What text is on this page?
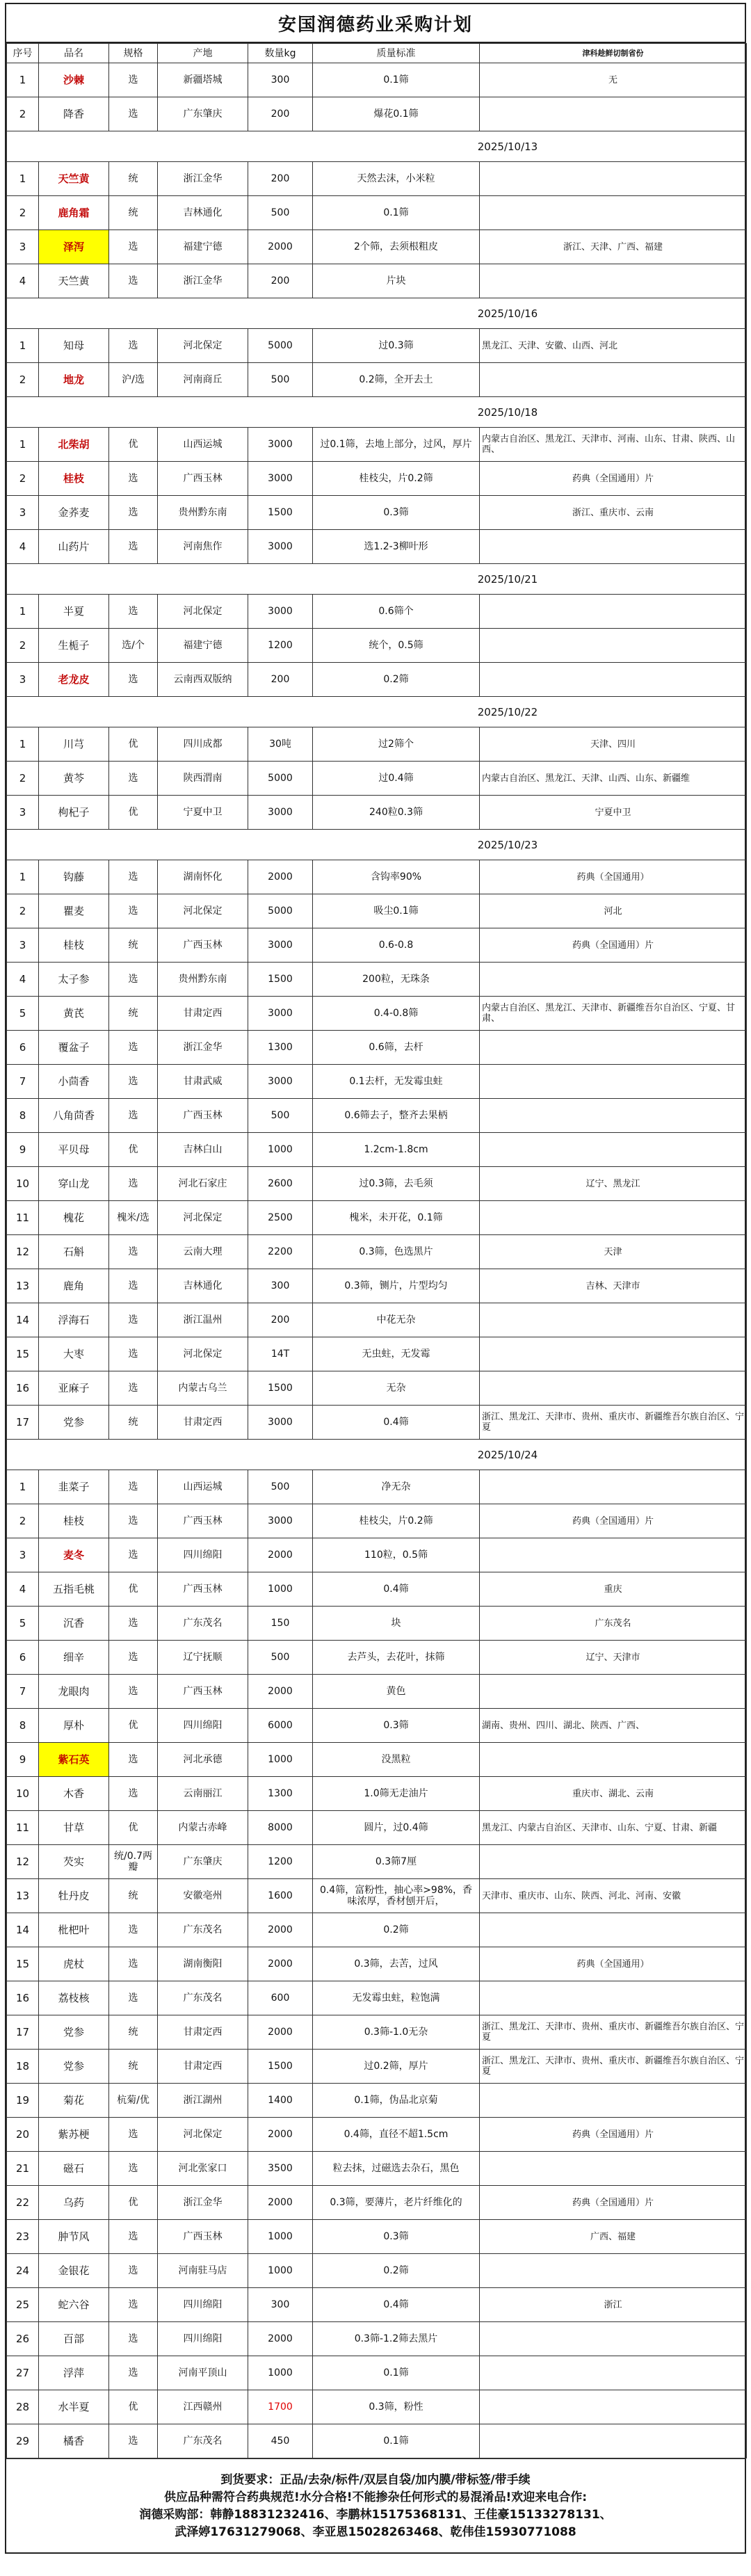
安国润德药业采购计划
序号	品名	规格	产地	数量kg	质量标准	津科趁鲜切制省份
1	沙棘	选	新疆塔城	300	0.1筛	无
2	降香	选	广东肇庆	200	爆花0.1筛	
2025/10/13						
1	天竺黄	统	浙江金华	200	天然去沫，小米粒	
2	鹿角霜	统	吉林通化	500	0.1筛	
3	泽泻	选	福建宁德	2000	2个筛，去须根粗皮	浙江、天津、广西、福建
4	天竺黄	选	浙江金华	200	片块	
2025/10/16						
1	知母	选	河北保定	5000	过0.3筛	黑龙江、天津、安徽、山西、河北
2	地龙	沪/选	河南商丘	500	0.2筛，全开去土	
2025/10/18						
1	北柴胡	优	山西运城	3000	过0.1筛，去地上部分，过风，厚片	内蒙古自治区、黑龙江、天津市、河南、山东、甘肃、陕西、山西、
2	桂枝	选	广西玉林	3000	桂枝尖，片0.2筛	药典（全国通用）片
3	金荞麦	选	贵州黔东南	1500	0.3筛	浙江、重庆市、云南
4	山药片	选	河南焦作	3000	选1.2-3柳叶形	
2025/10/21						
1	半夏	选	河北保定	3000	0.6筛个	
2	生栀子	选/个	福建宁德	1200	统个，0.5筛	
3	老龙皮	选	云南西双版纳	200	0.2筛	
2025/10/22						
1	川芎	优	四川成都	30吨	过2筛个	天津、四川
2	黄芩	选	陕西渭南	5000	过0.4筛	内蒙古自治区、黑龙江、天津、山西、山东、新疆维
3	枸杞子	优	宁夏中卫	3000	240粒0.3筛	宁夏中卫
2025/10/23						
1	钩藤	选	湖南怀化	2000	含钩率90%	药典（全国通用）
2	瞿麦	选	河北保定	5000	吸尘0.1筛	河北
3	桂枝	统	广西玉林	3000	0.6-0.8	药典（全国通用）片
4	太子参	选	贵州黔东南	1500	200粒，无珠条	
5	黄芪	统	甘肃定西	3000	0.4-0.8筛	内蒙古自治区、黑龙江、天津市、新疆维吾尔自治区、宁夏、甘肃、
6	覆盆子	选	浙江金华	1300	0.6筛，去杆	
7	小茴香	选	甘肃武威	3000	0.1去杆，无发霉虫蛀	
8	八角茴香	选	广西玉林	500	0.6筛去子，整齐去果柄	
9	平贝母	优	吉林白山	1000	1.2cm-1.8cm	
10	穿山龙	选	河北石家庄	2600	过0.3筛，去毛须	辽宁、黑龙江
11	槐花	槐米/选	河北保定	2500	槐米，未开花，0.1筛	
12	石斛	选	云南大理	2200	0.3筛，色选黑片	天津
13	鹿角	选	吉林通化	300	0.3筛，铡片，片型均匀	吉林、天津市
14	浮海石	选	浙江温州	200	中花无杂	
15	大枣	选	河北保定	14T	无虫蛀，无发霉	
16	亚麻子	选	内蒙古乌兰	1500	无杂	
17	党参	统	甘肃定西	3000	0.4筛	浙江、黑龙江、天津市、贵州、重庆市、新疆维吾尔族自治区、宁夏
2025/10/24						
1	韭菜子	选	山西运城	500	净无杂	
2	桂枝	选	广西玉林	3000	桂枝尖，片0.2筛	药典（全国通用）片
3	麦冬	选	四川绵阳	2000	110粒，0.5筛	
4	五指毛桃	优	广西玉林	1000	0.4筛	重庆
5	沉香	选	广东茂名	150	块	广东茂名
6	细辛	选	辽宁抚顺	500	去芦头，去花叶，抹筛	辽宁、天津市
7	龙眼肉	选	广西玉林	2000	黄色	
8	厚朴	优	四川绵阳	6000	0.3筛	湖南、贵州、四川、湖北、陕西、广西、
9	紫石英	选	河北承德	1000	没黑粒	
10	木香	选	云南丽江	1300	1.0筛无走油片	重庆市、湖北、云南
11	甘草	优	内蒙古赤峰	8000	圆片，过0.4筛	黑龙江、内蒙古自治区、天津市、山东、宁夏、甘肃、新疆
12	芡实	统/0.7两瓣	广东肇庆	1200	0.3筛7厘	
13	牡丹皮	统	安徽亳州	1600	0.4筛，富粉性，抽心率>98%，香味浓厚，香材刨开后，	天津市、重庆市、山东、陕西、河北、河南、安徽
14	枇杷叶	选	广东茂名	2000	0.2筛	
15	虎杖	选	湖南衡阳	2000	0.3筛，去苦，过风	药典（全国通用）
16	荔枝核	选	广东茂名	600	无发霉虫蛀，粒饱满	
17	党参	统	甘肃定西	2000	0.3筛-1.0无杂	浙江、黑龙江、天津市、贵州、重庆市、新疆维吾尔族自治区、宁夏
18	党参	统	甘肃定西	1500	过0.2筛，厚片	浙江、黑龙江、天津市、贵州、重庆市、新疆维吾尔族自治区、宁夏
19	菊花	杭菊/优	浙江湖州	1400	0.1筛，伪品北京菊	
20	紫苏梗	选	河北保定	2000	0.4筛，直径不超1.5cm	药典（全国通用）片
21	磁石	选	河北张家口	3500	粒去抹，过磁选去杂石，黑色	
22	乌药	优	浙江金华	2000	0.3筛，要薄片，老片纤维化的	药典（全国通用）片
23	肿节风	选	广西玉林	1000	0.3筛	广西、福建
24	金银花	选	河南驻马店	1000	0.2筛	
25	蛇六谷	选	四川绵阳	300	0.4筛	浙江
26	百部	选	四川绵阳	2000	0.3筛-1.2筛去黑片	
27	浮萍	选	河南平顶山	1000	0.1筛	
28	水半夏	优	江西赣州	1700	0.3筛，粉性	
29	橘香	选	广东茂名	450	0.1筛	
到货要求：正品/去杂/标件/双层自袋/加内膜/带标签/带手续
供应品种需符合药典规范!水分合格!不能掺杂任何形式的易混淆品!欢迎来电合作:
润德采购部：韩静18831232416、李鹏林15175368131、王佳豪15133278131、
武泽婷17631279068、李亚恩15028263468、乾伟佳15930771088
